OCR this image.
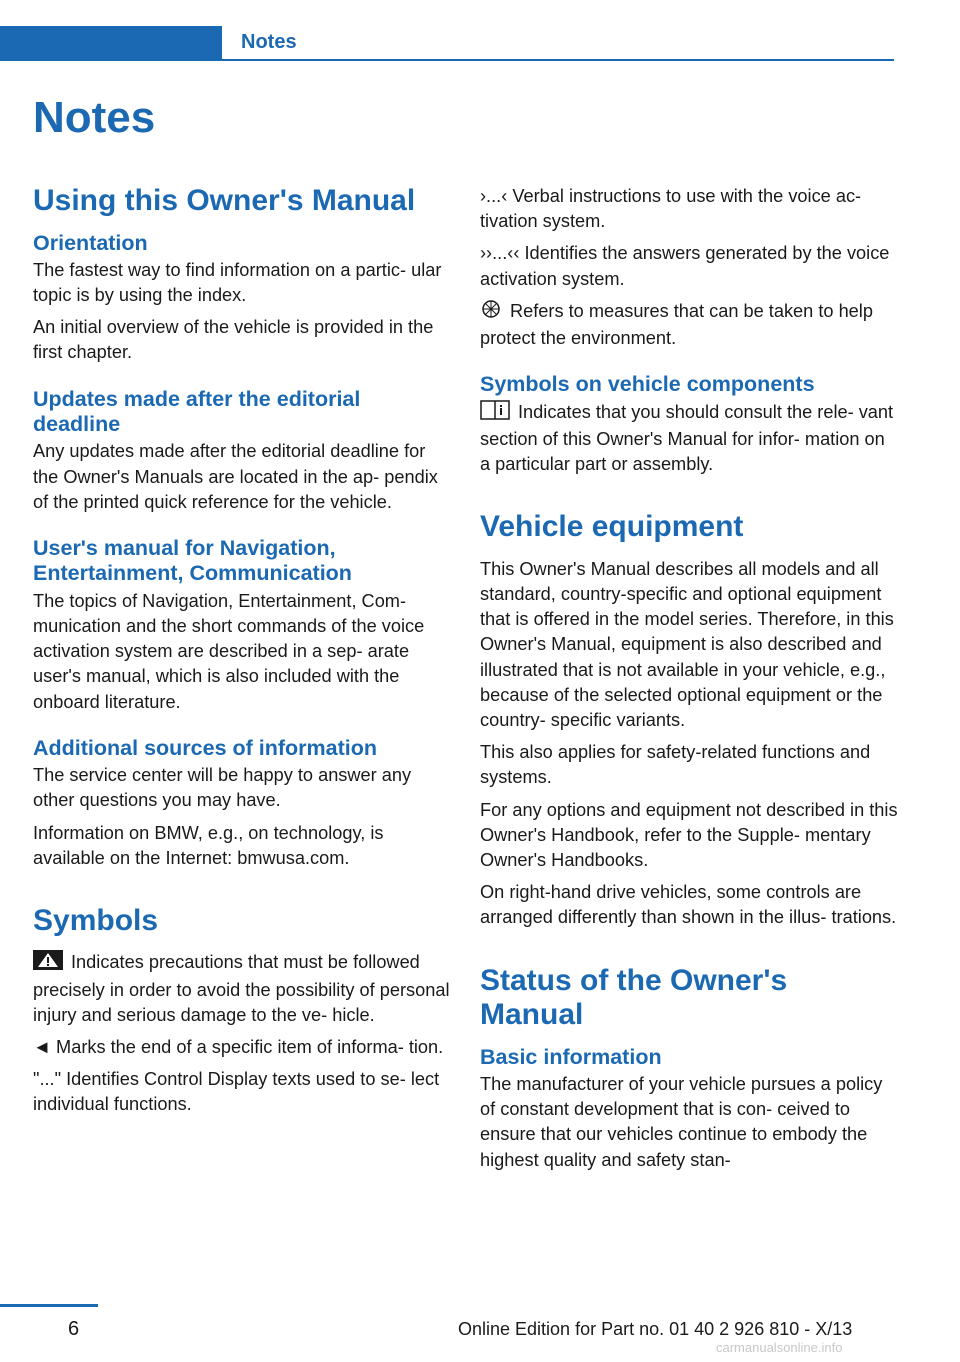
Notes
Notes
Using this Owner's Manual
Orientation

The fastest way to find information on a partic- ular topic is by using the index.

An initial overview of the vehicle is provided in the first chapter.

Updates made after the editorial deadline

Any updates made after the editorial deadline for the Owner's Manuals are located in the ap- pendix of the printed quick reference for the vehicle.

User's manual for Navigation, Entertainment, Communication

The topics of Navigation, Entertainment, Com- munication and the short commands of the voice activation system are described in a sep- arate user's manual, which is also included with the onboard literature.

Additional sources of information

The service center will be happy to answer any other questions you may have.

Information on BMW, e.g., on technology, is available on the Internet: bmwusa.com.

Symbols

Indicates precautions that must be followed precisely in order to avoid the possibility of personal injury and serious damage to the ve- hicle.

◄ Marks the end of a specific item of informa- tion.

"..." Identifies Control Display texts used to se- lect individual functions.

›...‹ Verbal instructions to use with the voice ac- tivation system.

››...‹‹ Identifies the answers generated by the voice activation system.

Refers to measures that can be taken to help protect the environment.

Symbols on vehicle components

Indicates that you should consult the rele- vant section of this Owner's Manual for infor- mation on a particular part or assembly.

Vehicle equipment

This Owner's Manual describes all models and all standard, country-specific and optional equipment that is offered in the model series. Therefore, in this Owner's Manual, equipment is also described and illustrated that is not available in your vehicle, e.g., because of the selected optional equipment or the country- specific variants.

This also applies for safety-related functions and systems.

For any options and equipment not described in this Owner's Handbook, refer to the Supple- mentary Owner's Handbooks.

On right-hand drive vehicles, some controls are arranged differently than shown in the illus- trations.

Status of the Owner's Manual
Basic information

The manufacturer of your vehicle pursues a policy of constant development that is con- ceived to ensure that our vehicles continue to embody the highest quality and safety stan-

6	Online Edition for Part no. 01 40 2 926 810 - X/13
carmanualsonline.info
